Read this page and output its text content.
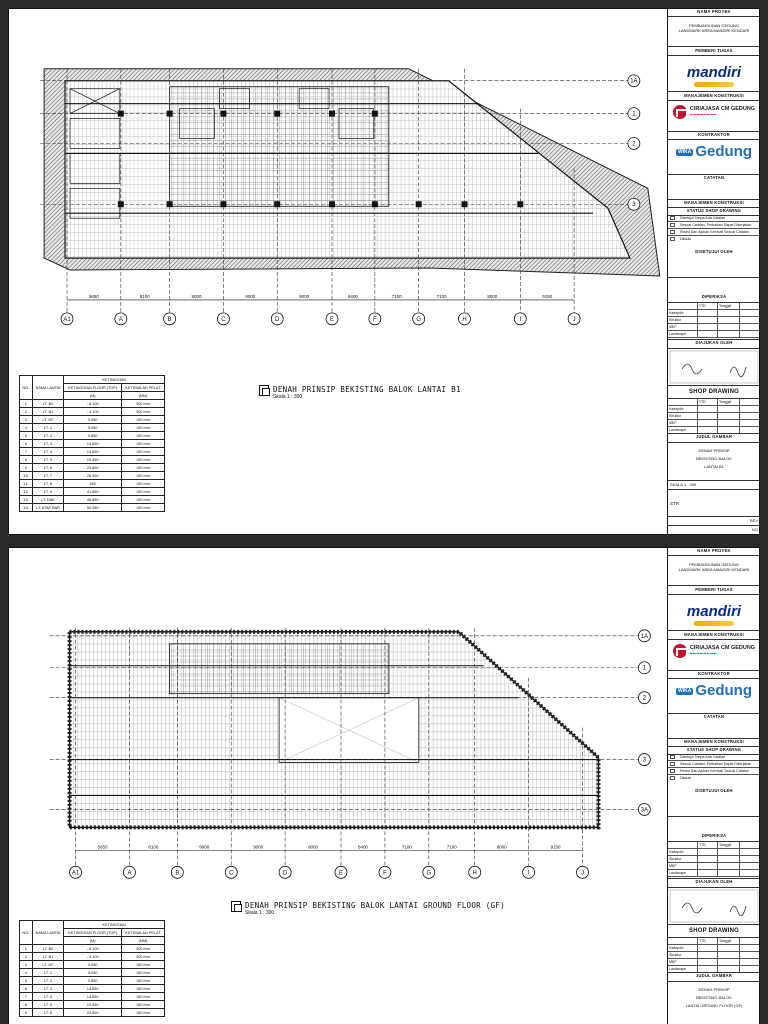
5650	8100	9000	9000	9000	8400	7100	7100	8000	9150
A1	A	B	C	D	E	F	G	H	I	J
1A
1
2
3
DENAH PRINSIP BEKISTING BALOK LANTAI B1
Skala 1 : 300
NO.	NAMA LANTAI	KETINGGIAN	
		KETINGGIAN FLOOR (TOP)	KETEBALAN PELAT
		(M)	(MM)
1	LT. B2	- 8.100	300 mm
2	LT. B1	- 4.100	300 mm
3	LT. GF	0.050	150 mm
4	LT. 1	5.050	150 mm
5	LT. 2	9.850	150 mm
6	LT. 3	14.650	150 mm
7	LT. 4	14.650	150 mm
8	LT. 5	19.450	150 mm
9	LT. 6	23.800	150 mm
10	LT. 7	28.900	150 mm
11	LT. 8	450	150 mm
12	LT. 9	41.850	150 mm
13	LT. DAK	46.850	150 mm
14	LT. ATAP BAR	50.250	150 mm
NAMA PROYEK
PEMBANGUNAN GEDUNG
LANDMARK AREA MANDIRI KENDARI
PEMBERI TUGAS
mandiri
MANAJEMEN KONSTRUKSI
CIRIAJASA CM GEDUNG
━━━━━━━━
KONTRAKTOR
WIKA Gedung
CATATAN
MANAJEMEN KONSTRUKSI
STATUS SHOP DRAWING
Disetujui Tanpa Ada Catatan
Sesuai Catatan, Perbaikan Dapat Dikerjakan
Revisi Dan Ajukan Kembali Sesuai Catatan
Ditolak
DISETUJUI OLEH
DIPERIKSA
TTD	Tanggal
Kadepdiv
Struktur
MEP
Landscape
DIAJUKAN OLEH
SHOP DRAWING
TTD	Tanggal
Kadepdiv
Struktur
MEP
Landscape
JUDUL GAMBAR
DENAH PRINSIP
BEKISTING BALOK
LANTAI B1
SKALA 1 : 300
STR
REV
NO
5650	8100	9000	9000	9000	8400	7100	7100	8000	9150
A1	A	B	C	D	E	F	G	H	I	J
1A
1
2
3
3A
DENAH PRINSIP BEKISTING BALOK LANTAI GROUND FLOOR (GF)
Skala 1 : 300
NO.	NAMA LANTAI	KETINGGIAN	
		KETINGGIAN FLOOR (TOP)	KETEBALAN PELAT
		(M)	(MM)
1	LT. B2	- 8.100	300 mm
2	LT. B1	- 4.100	300 mm
3	LT. GF	0.050	150 mm
4	LT. 1	5.050	150 mm
5	LT. 2	9.850	150 mm
6	LT. 3	14.650	150 mm
7	LT. 4	14.650	150 mm
8	LT. 5	19.450	150 mm
9	LT. 6	23.800	150 mm
NAMA PROYEK
PEMBANGUNAN GEDUNG
LANDMARK AREA MANDIRI KENDARI
PEMBERI TUGAS
mandiri
MANAJEMEN KONSTRUKSI
CIRIAJASA CM GEDUNG
━━━━━━━━
KONTRAKTOR
WIKA Gedung
CATATAN
MANAJEMEN KONSTRUKSI
STATUS SHOP DRAWING
Disetujui Tanpa Ada Catatan
Sesuai Catatan, Perbaikan Dapat Dikerjakan
Revisi Dan Ajukan Kembali Sesuai Catatan
Ditolak
DISETUJUI OLEH
DIPERIKSA
TTD	Tanggal
Kadepdiv
Struktur
MEP
Landscape
DIAJUKAN OLEH
SHOP DRAWING
TTD	Tanggal
Kadepdiv
Struktur
MEP
Landscape
JUDUL GAMBAR
DENAH PRINSIP
BEKISTING BALOK
LANTAI GROUND FLOOR (GF)
